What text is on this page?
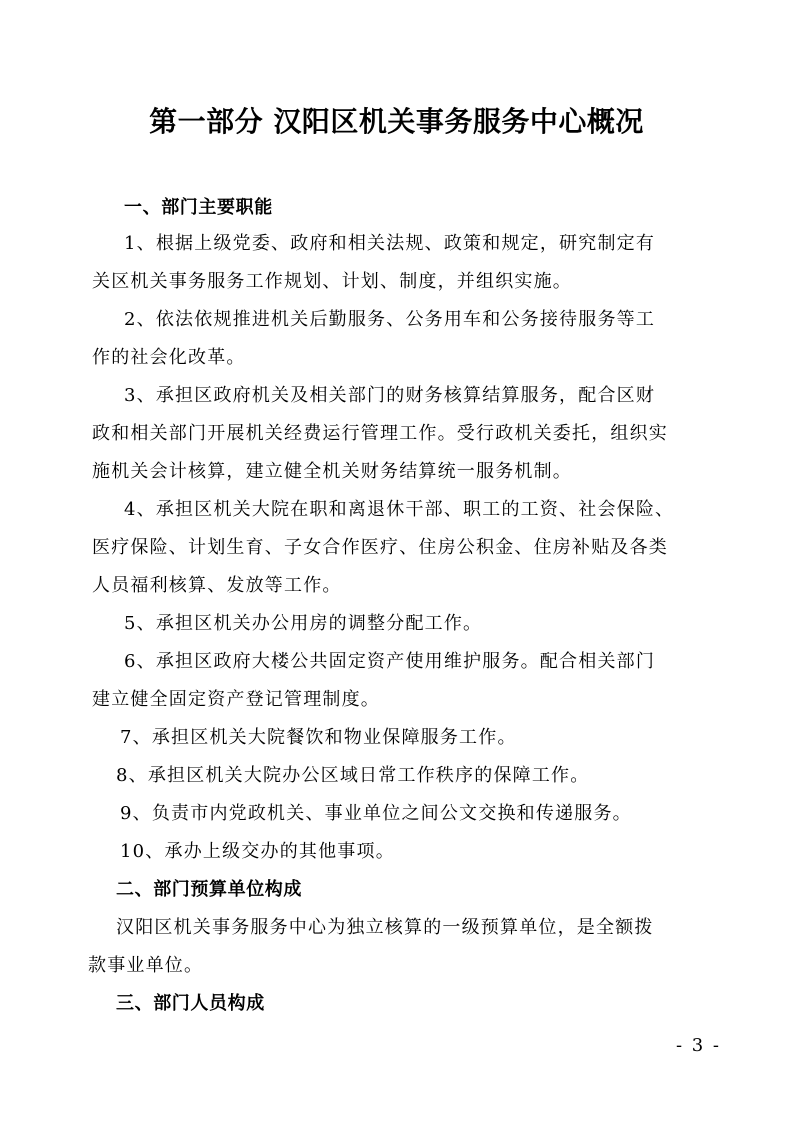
第一部分 汉阳区机关事务服务中心概况
一、部门主要职能
1、根据上级党委、政府和相关法规、政策和规定，研究制定有
关区机关事务服务工作规划、计划、制度，并组织实施。
2、依法依规推进机关后勤服务、公务用车和公务接待服务等工
作的社会化改革。
3、承担区政府机关及相关部门的财务核算结算服务，配合区财
政和相关部门开展机关经费运行管理工作。受行政机关委托，组织实
施机关会计核算，建立健全机关财务结算统一服务机制。
4、承担区机关大院在职和离退休干部、职工的工资、社会保险、
医疗保险、计划生育、子女合作医疗、住房公积金、住房补贴及各类
人员福利核算、发放等工作。
5、承担区机关办公用房的调整分配工作。
6、承担区政府大楼公共固定资产使用维护服务。配合相关部门
建立健全固定资产登记管理制度。
7、承担区机关大院餐饮和物业保障服务工作。
8、承担区机关大院办公区域日常工作秩序的保障工作。
9、负责市内党政机关、事业单位之间公文交换和传递服务。
10、承办上级交办的其他事项。
二、部门预算单位构成
汉阳区机关事务服务中心为独立核算的一级预算单位，是全额拨
款事业单位。
三、部门人员构成
- 3 -
